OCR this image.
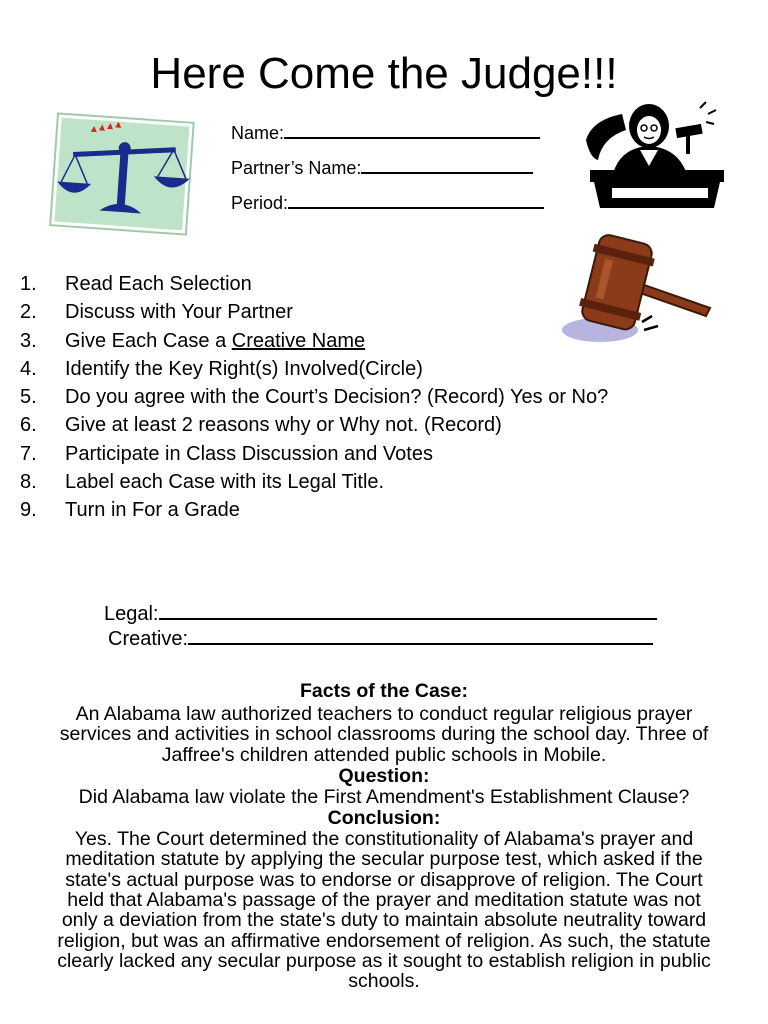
Here Come the Judge!!!
Name:
Partner’s Name:
Period:
1. Read Each Selection
2. Discuss with Your Partner
3. Give Each Case a Creative Name
4. Identify the Key Right(s) Involved(Circle)
5. Do you agree with the Court’s Decision? (Record) Yes or No?
6. Give at least 2 reasons why or Why not. (Record)
7. Participate in Class Discussion and Votes
8. Label each Case with its Legal Title.
9. Turn in For a Grade
Legal:
Creative:

Facts of the Case:

An Alabama law authorized teachers to conduct regular religious prayer services and activities in school classrooms during the school day. Three of Jaffree's children attended public schools in Mobile.

Question:

Did Alabama law violate the First Amendment's Establishment Clause?

Conclusion:

Yes. The Court determined the constitutionality of Alabama's prayer and meditation statute by applying the secular purpose test, which asked if the state's actual purpose was to endorse or disapprove of religion. The Court held that Alabama's passage of the prayer and meditation statute was not only a deviation from the state's duty to maintain absolute neutrality toward religion, but was an affirmative endorsement of religion. As such, the statute clearly lacked any secular purpose as it sought to establish religion in public schools.
